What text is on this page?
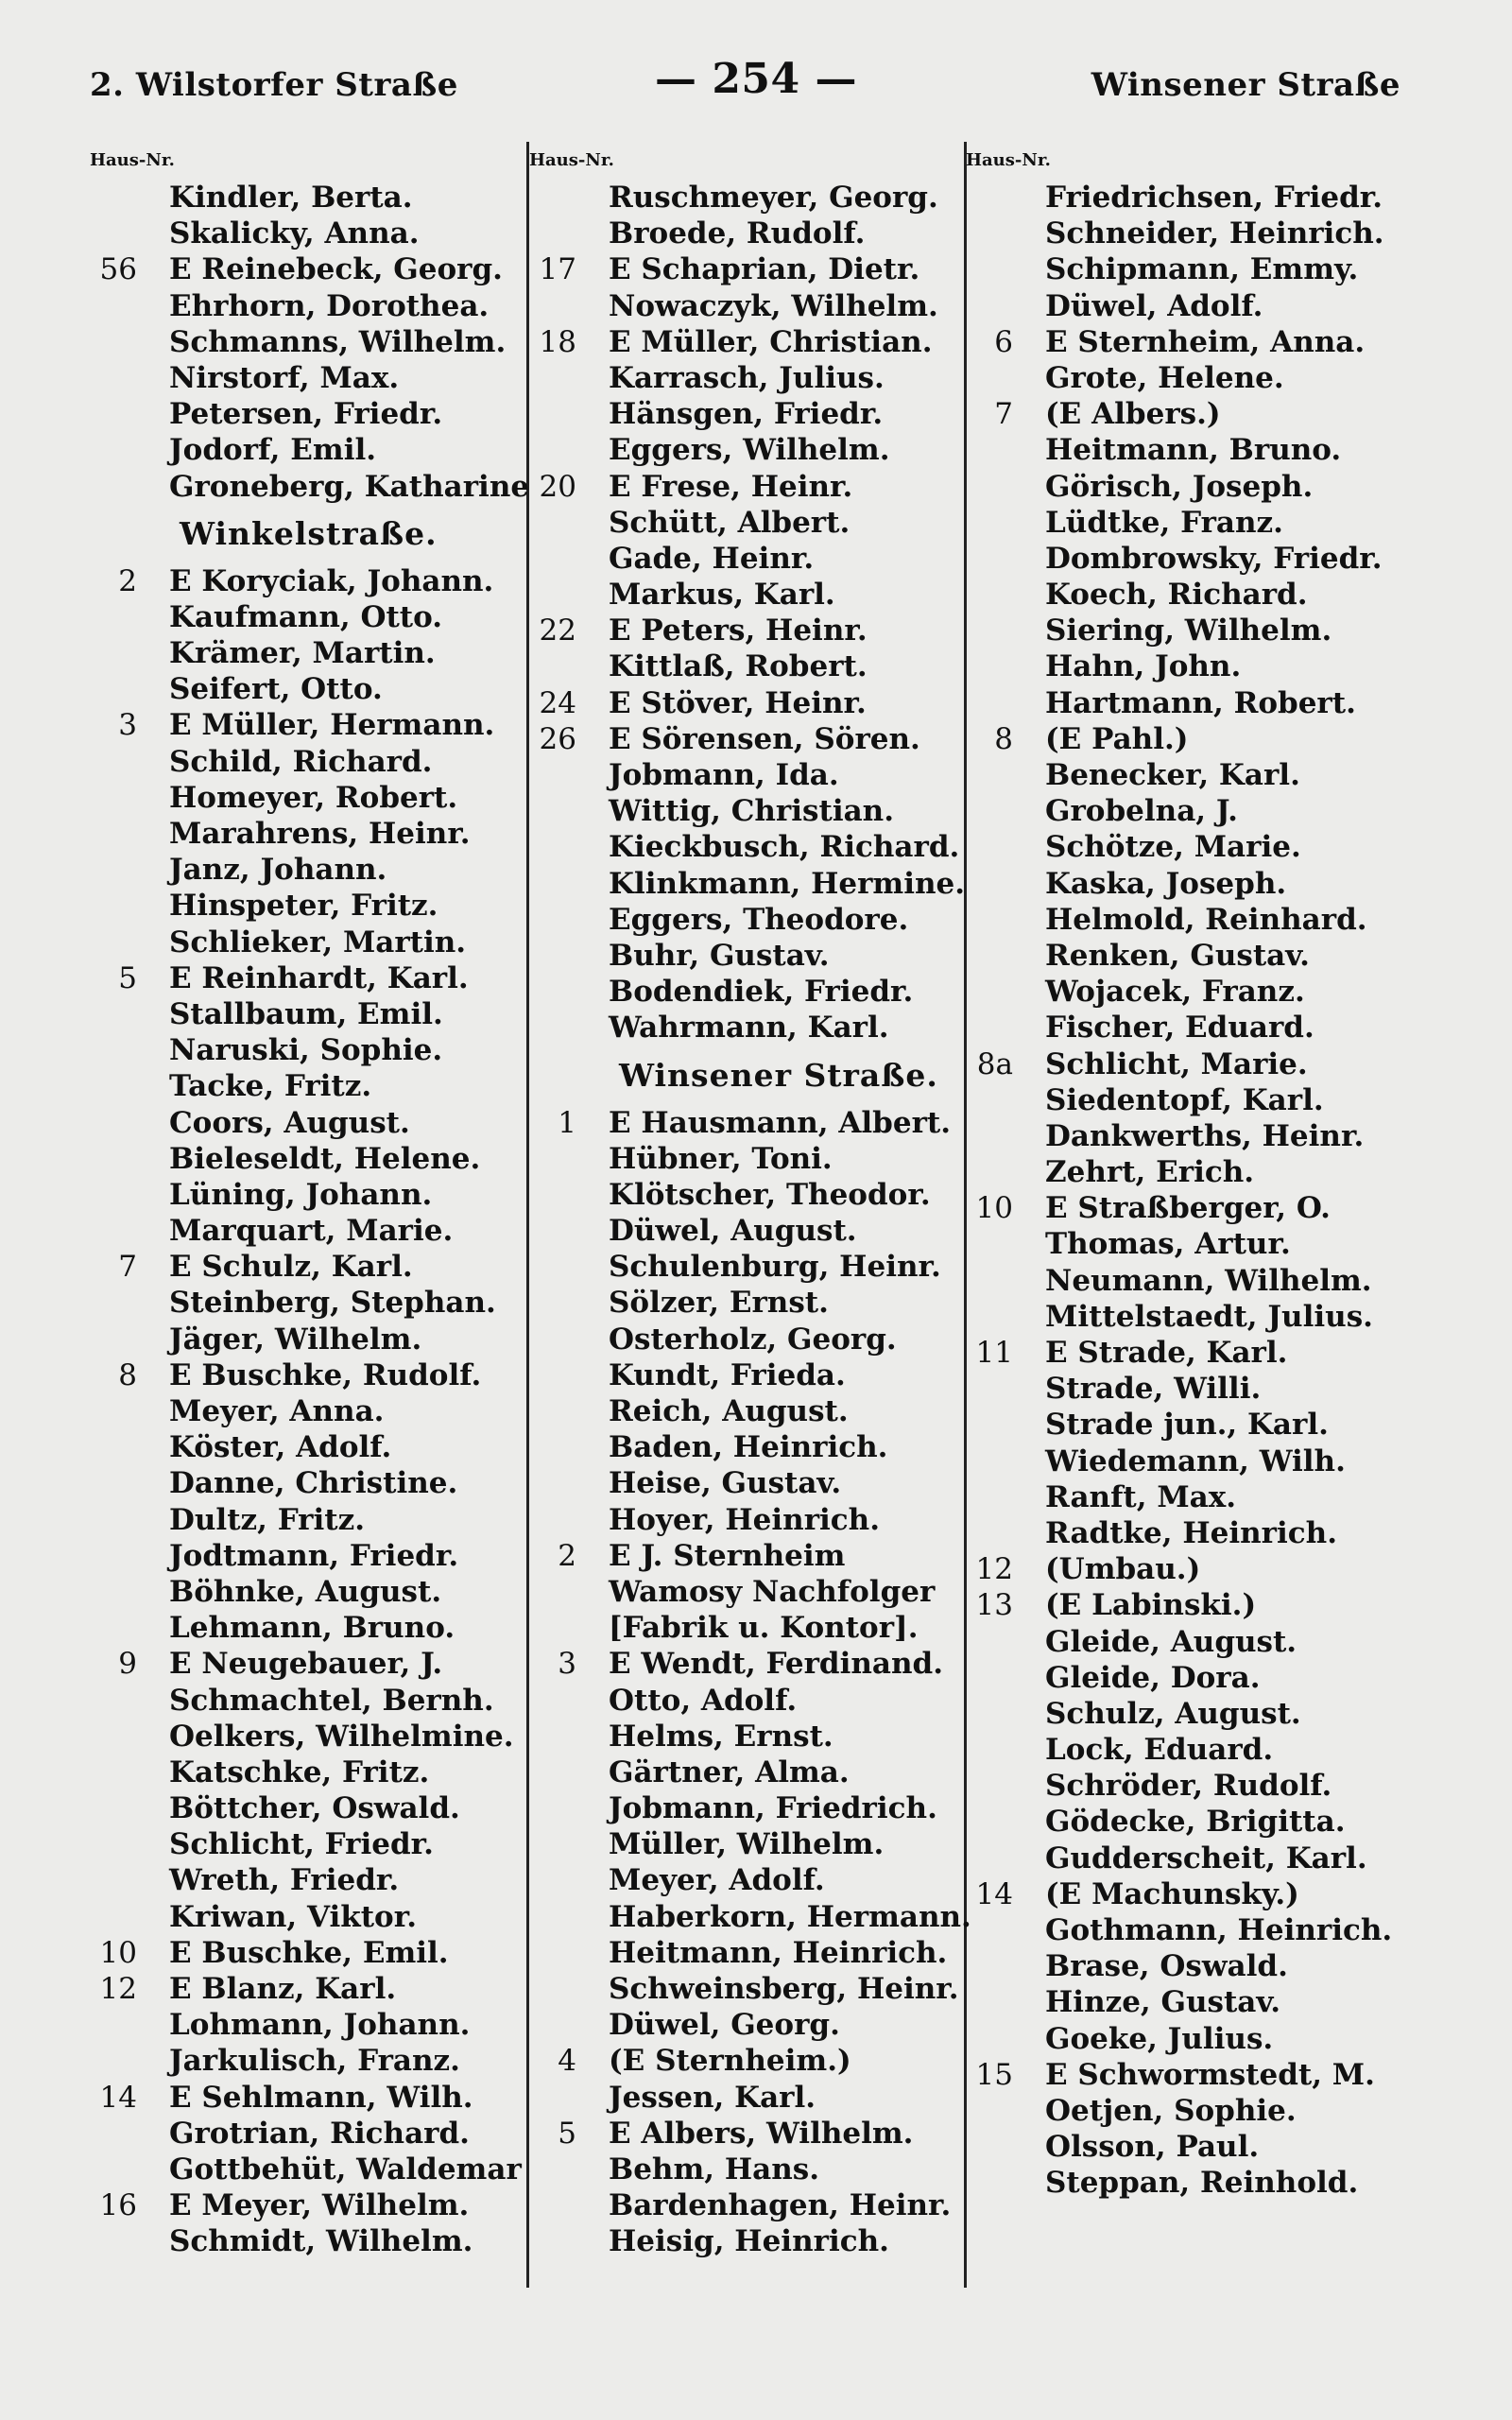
2. Wilstorfer Straße	— 254 —	Winsener Straße
Haus-Nr.
Kindler, Berta.
Skalicky, Anna.
56 E Reinebeck, Georg.
Ehrhorn, Dorothea.
Schmanns, Wilhelm.
Nirstorf, Max.
Petersen, Friedr.
Jodorf, Emil.
Groneberg, Katharine
Winkelstraße.
2 E Koryciak, Johann.
Kaufmann, Otto.
Krämer, Martin.
Seifert, Otto.
3 E Müller, Hermann.
Schild, Richard.
Homeyer, Robert.
Marahrens, Heinr.
Janz, Johann.
Hinspeter, Fritz.
Schlieker, Martin.
5 E Reinhardt, Karl.
Stallbaum, Emil.
Naruski, Sophie.
Tacke, Fritz.
Coors, August.
Bieleseldt, Helene.
Lüning, Johann.
Marquart, Marie.
7 E Schulz, Karl.
Steinberg, Stephan.
Jäger, Wilhelm.
8 E Buschke, Rudolf.
Meyer, Anna.
Köster, Adolf.
Danne, Christine.
Dultz, Fritz.
Jodtmann, Friedr.
Böhnke, August.
Lehmann, Bruno.
9 E Neugebauer, J.
Schmachtel, Bernh.
Oelkers, Wilhelmine.
Katschke, Fritz.
Böttcher, Oswald.
Schlicht, Friedr.
Wreth, Friedr.
Kriwan, Viktor.
10 E Buschke, Emil.
12 E Blanz, Karl.
Lohmann, Johann.
Jarkulisch, Franz.
14 E Sehlmann, Wilh.
Grotrian, Richard.
Gottbehüt, Waldemar
16 E Meyer, Wilhelm.
Schmidt, Wilhelm.
Haus-Nr.
Ruschmeyer, Georg.
Broede, Rudolf.
17 E Schaprian, Dietr.
Nowaczyk, Wilhelm.
18 E Müller, Christian.
Karrasch, Julius.
Hänsgen, Friedr.
Eggers, Wilhelm.
20 E Frese, Heinr.
Schütt, Albert.
Gade, Heinr.
Markus, Karl.
22 E Peters, Heinr.
Kittlaß, Robert.
24 E Stöver, Heinr.
26 E Sörensen, Sören.
Jobmann, Ida.
Wittig, Christian.
Kieckbusch, Richard.
Klinkmann, Hermine.
Eggers, Theodore.
Buhr, Gustav.
Bodendiek, Friedr.
Wahrmann, Karl.
Winsener Straße.
1 E Hausmann, Albert.
Hübner, Toni.
Klötscher, Theodor.
Düwel, August.
Schulenburg, Heinr.
Sölzer, Ernst.
Osterholz, Georg.
Kundt, Frieda.
Reich, August.
Baden, Heinrich.
Heise, Gustav.
Hoyer, Heinrich.
2 E J. Sternheim
Wamosy Nachfolger
[Fabrik u. Kontor].
3 E Wendt, Ferdinand.
Otto, Adolf.
Helms, Ernst.
Gärtner, Alma.
Jobmann, Friedrich.
Müller, Wilhelm.
Meyer, Adolf.
Haberkorn, Hermann.
Heitmann, Heinrich.
Schweinsberg, Heinr.
Düwel, Georg.
4 (E Sternheim.)
Jessen, Karl.
5 E Albers, Wilhelm.
Behm, Hans.
Bardenhagen, Heinr.
Heisig, Heinrich.
Haus-Nr.
Friedrichsen, Friedr.
Schneider, Heinrich.
Schipmann, Emmy.
Düwel, Adolf.
6 E Sternheim, Anna.
Grote, Helene.
7 (E Albers.)
Heitmann, Bruno.
Görisch, Joseph.
Lüdtke, Franz.
Dombrowsky, Friedr.
Koech, Richard.
Siering, Wilhelm.
Hahn, John.
Hartmann, Robert.
8 (E Pahl.)
Benecker, Karl.
Grobelna, J.
Schötze, Marie.
Kaska, Joseph.
Helmold, Reinhard.
Renken, Gustav.
Wojacek, Franz.
Fischer, Eduard.
8a Schlicht, Marie.
Siedentopf, Karl.
Dankwerths, Heinr.
Zehrt, Erich.
10 E Straßberger, O.
Thomas, Artur.
Neumann, Wilhelm.
Mittelstaedt, Julius.
11 E Strade, Karl.
Strade, Willi.
Strade jun., Karl.
Wiedemann, Wilh.
Ranft, Max.
Radtke, Heinrich.
12 (Umbau.)
13 (E Labinski.)
Gleide, August.
Gleide, Dora.
Schulz, August.
Lock, Eduard.
Schröder, Rudolf.
Gödecke, Brigitta.
Gudderscheit, Karl.
14 (E Machunsky.)
Gothmann, Heinrich.
Brase, Oswald.
Hinze, Gustav.
Goeke, Julius.
15 E Schwormstedt, M.
Oetjen, Sophie.
Olsson, Paul.
Steppan, Reinhold.
